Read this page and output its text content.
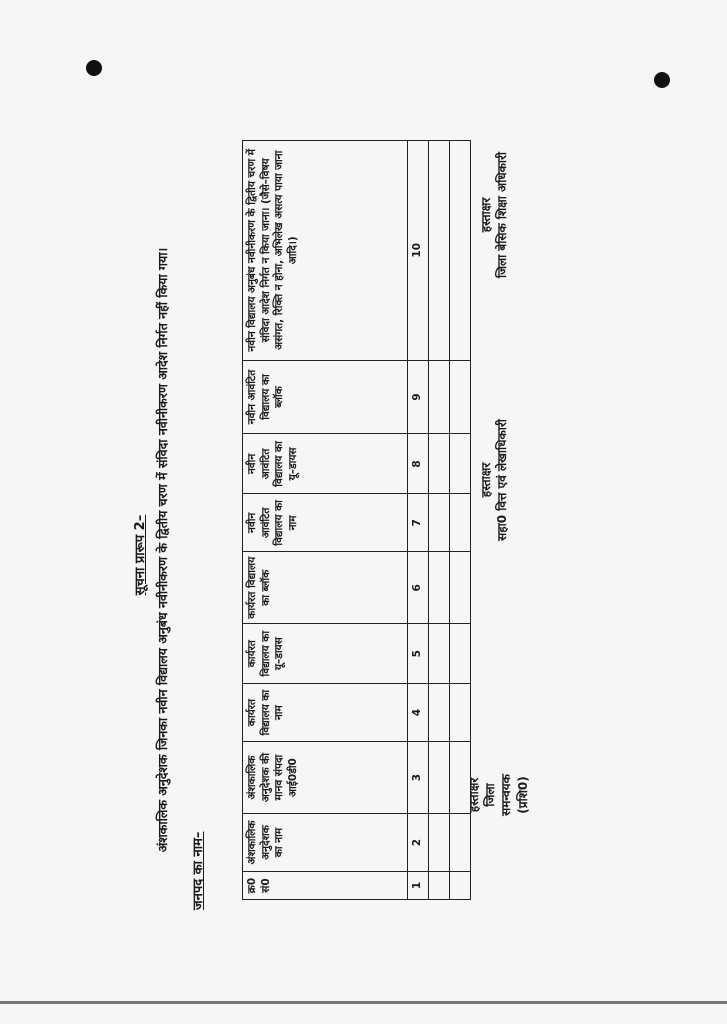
सूचना प्रारूप 2– अंशकालिक अनुदेशक जिनका नवीन विद्यालय अनुबंध नवीनीकरण के द्वितीय चरण में संविदा नवीनीकरण आदेश निर्गत नहीं किया गया।
जनपद का नाम–	क्र0 सं0	अंशकालिक अनुदेशक का नाम	अंशकालिक अनुदेशक की मानव संपदा आई0डी0	कार्यरत विद्यालय का नाम	कार्यरत विद्यालय का यू–डायस	कार्यरत विद्यालय का ब्लॉक	नवीन आवंटित विद्यालय का नाम	नवीन आवंटित विद्यालय का यू–डायस	नवीन आवंटित विद्यालय का ब्लॉक	नवीन विद्यालय अनुबंध नवीनीकरण के द्वितीय चरण में संविदा आदेश निर्गत न किया जाना। (जैसे–विषय असंगत, रिक्ति न होना, अभिलेख असत्य पाया जाना आदि।)
1	2	3	4	5	6	7	8	9	10

हस्ताक्षर जिला समन्वयक (प्रशि0)
हस्ताक्षर सहा0 वित्त एवं लेखाधिकारी
हस्ताक्षर जिला बेसिक शिक्षा अधिकारी
